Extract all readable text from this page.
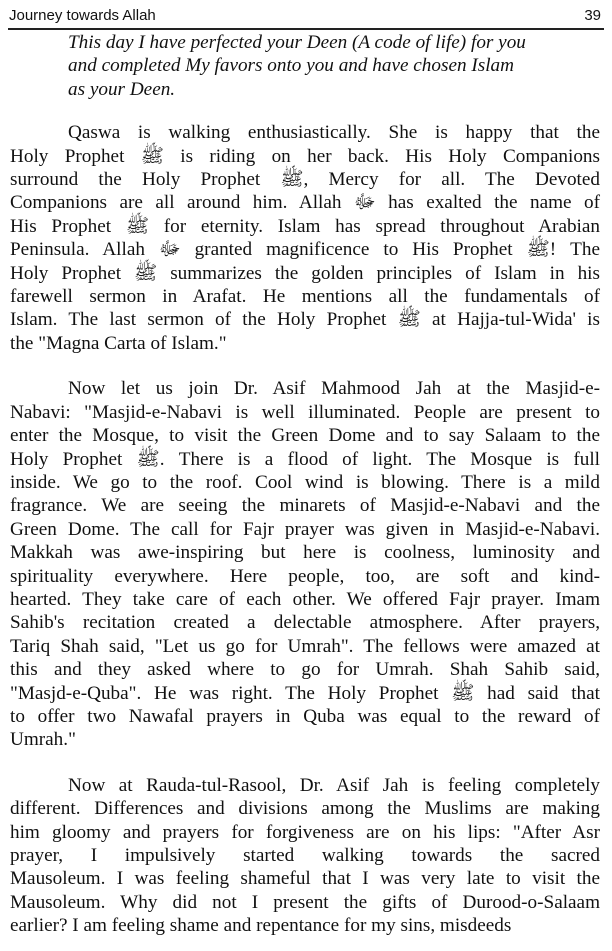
Journey towards Allah	39
This day I have perfected your Deen (A code of life) for you
and completed My favors onto you and have chosen Islam
as your Deen.
Qaswa is walking enthusiastically. She is happy that the
Holy Prophet ﷺ is riding on her back. His Holy Companions
surround the Holy Prophet ﷺ, Mercy for all. The Devoted
Companions are all around him. Allah ﷻ has exalted the name of
His Prophet ﷺ for eternity. Islam has spread throughout Arabian
Peninsula. Allah ﷻ granted magnificence to His Prophet ﷺ! The
Holy Prophet ﷺ summarizes the golden principles of Islam in his
farewell sermon in Arafat. He mentions all the fundamentals of
Islam. The last sermon of the Holy Prophet ﷺ at Hajja-tul-Wida' is
the "Magna Carta of Islam."
Now let us join Dr. Asif Mahmood Jah at the Masjid-e-
Nabavi: "Masjid-e-Nabavi is well illuminated. People are present to
enter the Mosque, to visit the Green Dome and to say Salaam to the
Holy Prophet ﷺ. There is a flood of light. The Mosque is full
inside. We go to the roof. Cool wind is blowing. There is a mild
fragrance. We are seeing the minarets of Masjid-e-Nabavi and the
Green Dome. The call for Fajr prayer was given in Masjid-e-Nabavi.
Makkah was awe-inspiring but here is coolness, luminosity and
spirituality everywhere. Here people, too, are soft and kind-
hearted. They take care of each other. We offered Fajr prayer. Imam
Sahib's recitation created a delectable atmosphere. After prayers,
Tariq Shah said, "Let us go for Umrah". The fellows were amazed at
this and they asked where to go for Umrah. Shah Sahib said,
"Masjd-e-Quba". He was right. The Holy Prophet ﷺ had said that
to offer two Nawafal prayers in Quba was equal to the reward of
Umrah."
Now at Rauda-tul-Rasool, Dr. Asif Jah is feeling completely
different. Differences and divisions among the Muslims are making
him gloomy and prayers for forgiveness are on his lips: "After Asr
prayer, I impulsively started walking towards the sacred
Mausoleum. I was feeling shameful that I was very late to visit the
Mausoleum. Why did not I present the gifts of Durood-o-Salaam
earlier? I am feeling shame and repentance for my sins, misdeeds
